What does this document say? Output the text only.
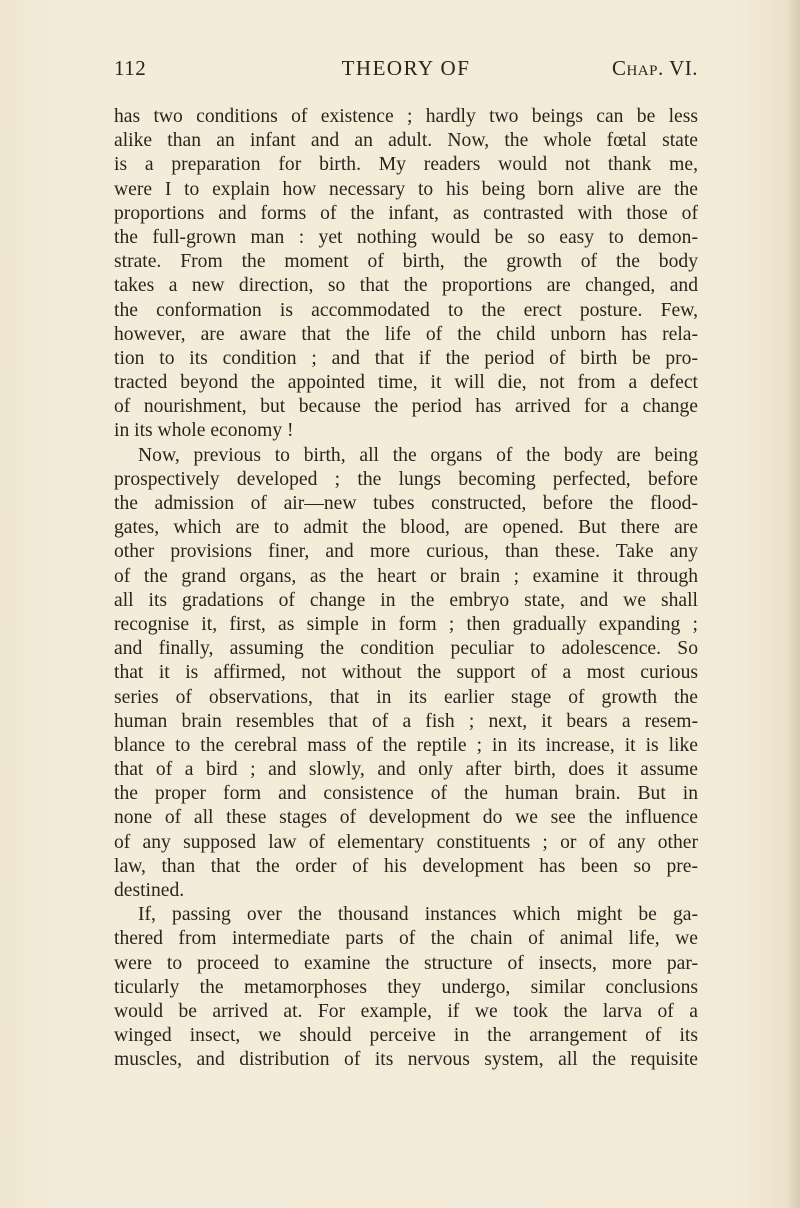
112	THEORY OF	Chap. VI.
has two conditions of existence ; hardly two beings can be less
alike than an infant and an adult. Now, the whole fœtal state
is a preparation for birth. My readers would not thank me,
were I to explain how necessary to his being born alive are the
proportions and forms of the infant, as contrasted with those of
the full-grown man : yet nothing would be so easy to demon-
strate. From the moment of birth, the growth of the body
takes a new direction, so that the proportions are changed, and
the conformation is accommodated to the erect posture. Few,
however, are aware that the life of the child unborn has rela-
tion to its condition ; and that if the period of birth be pro-
tracted beyond the appointed time, it will die, not from a defect
of nourishment, but because the period has arrived for a change
in its whole economy !
Now, previous to birth, all the organs of the body are being
prospectively developed ; the lungs becoming perfected, before
the admission of air—new tubes constructed, before the flood-
gates, which are to admit the blood, are opened. But there are
other provisions finer, and more curious, than these. Take any
of the grand organs, as the heart or brain ; examine it through
all its gradations of change in the embryo state, and we shall
recognise it, first, as simple in form ; then gradually expanding ;
and finally, assuming the condition peculiar to adolescence. So
that it is affirmed, not without the support of a most curious
series of observations, that in its earlier stage of growth the
human brain resembles that of a fish ; next, it bears a resem-
blance to the cerebral mass of the reptile ; in its increase, it is like
that of a bird ; and slowly, and only after birth, does it assume
the proper form and consistence of the human brain. But in
none of all these stages of development do we see the influence
of any supposed law of elementary constituents ; or of any other
law, than that the order of his development has been so pre-
destined.
If, passing over the thousand instances which might be ga-
thered from intermediate parts of the chain of animal life, we
were to proceed to examine the structure of insects, more par-
ticularly the metamorphoses they undergo, similar conclusions
would be arrived at. For example, if we took the larva of a
winged insect, we should perceive in the arrangement of its
muscles, and distribution of its nervous system, all the requisite
